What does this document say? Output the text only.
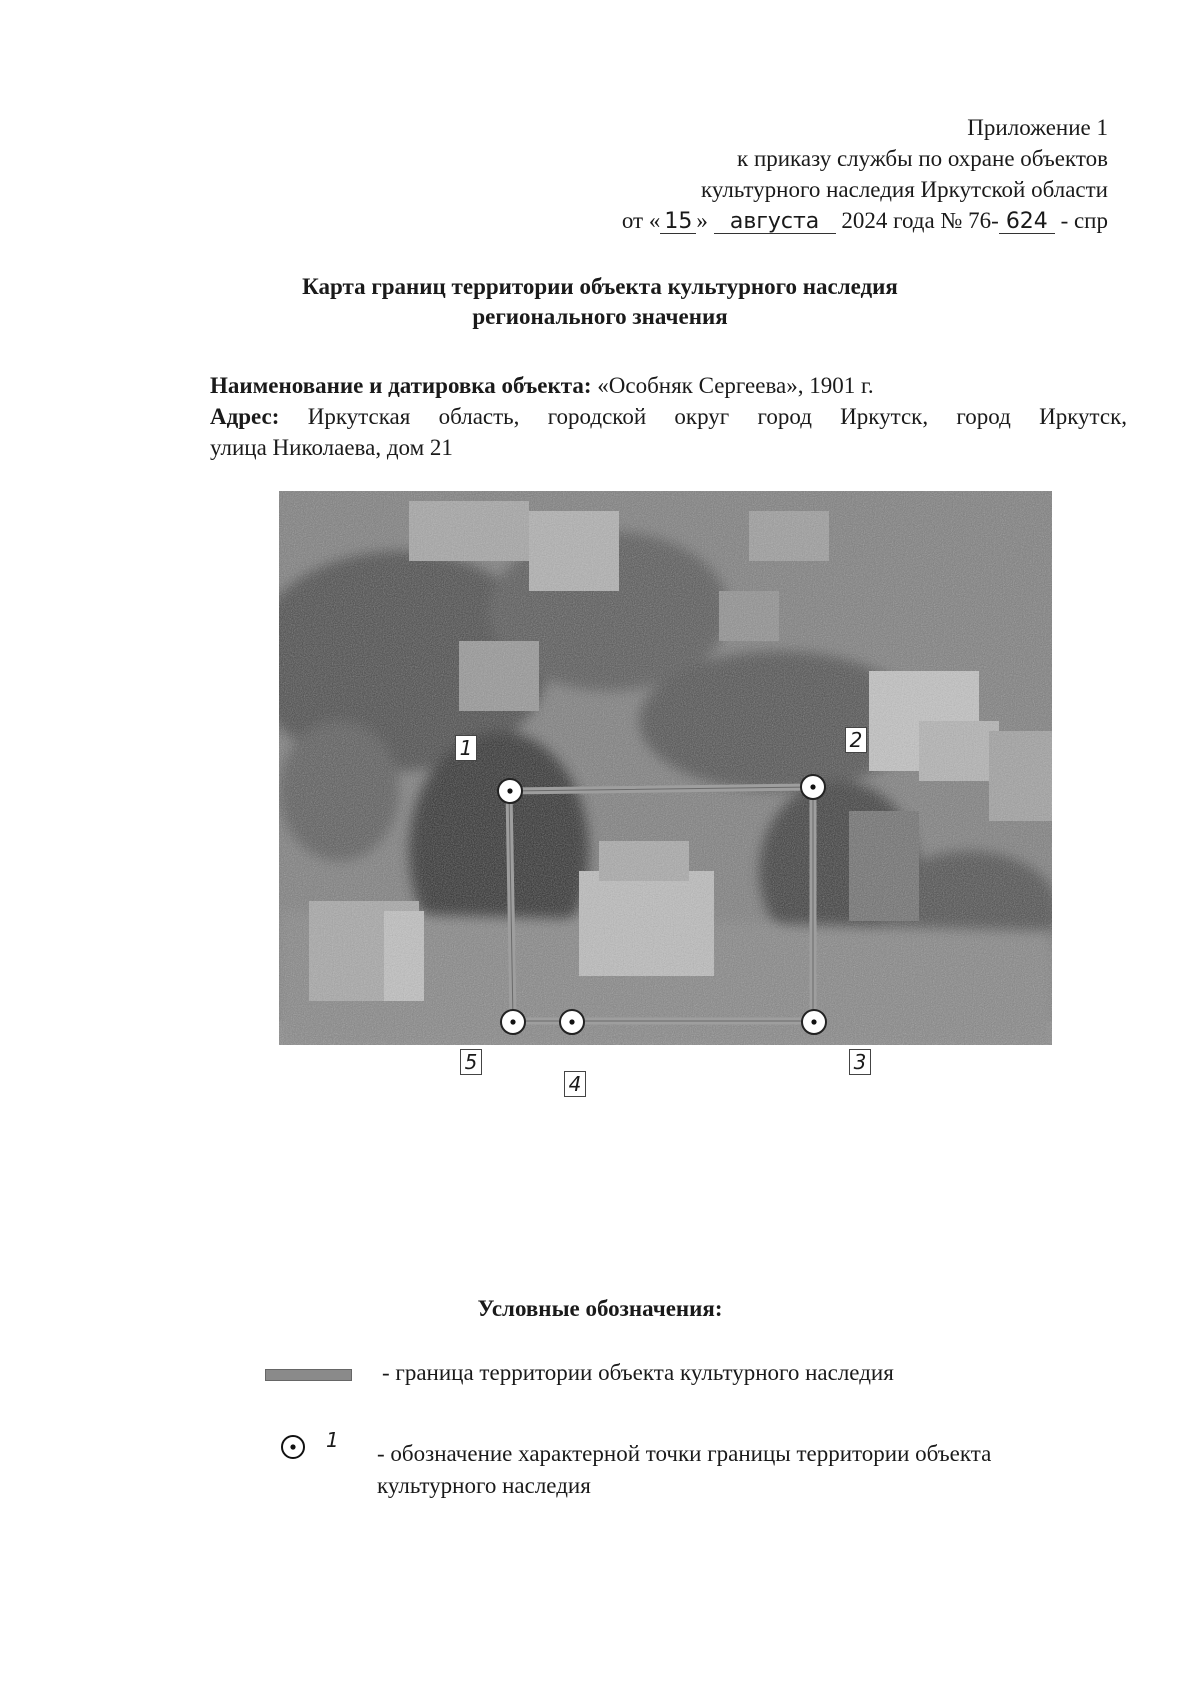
Приложение 1
к приказу службы по охране объектов
культурного наследия Иркутской области
от « 15 » августа 2024 года № 76- 624 - спр
Карта границ территории объекта культурного наследия
регионального значения
Наименование и датировка объекта: «Особняк Сергеева», 1901 г.
Адрес: Иркутская область, городской округ город Иркутск, город Иркутск,
улица Николаева, дом 21
1	2
5
4
3
Условные обозначения:
- граница территории объекта культурного наследия
1
- обозначение характерной точки границы территории объекта
культурного наследия
